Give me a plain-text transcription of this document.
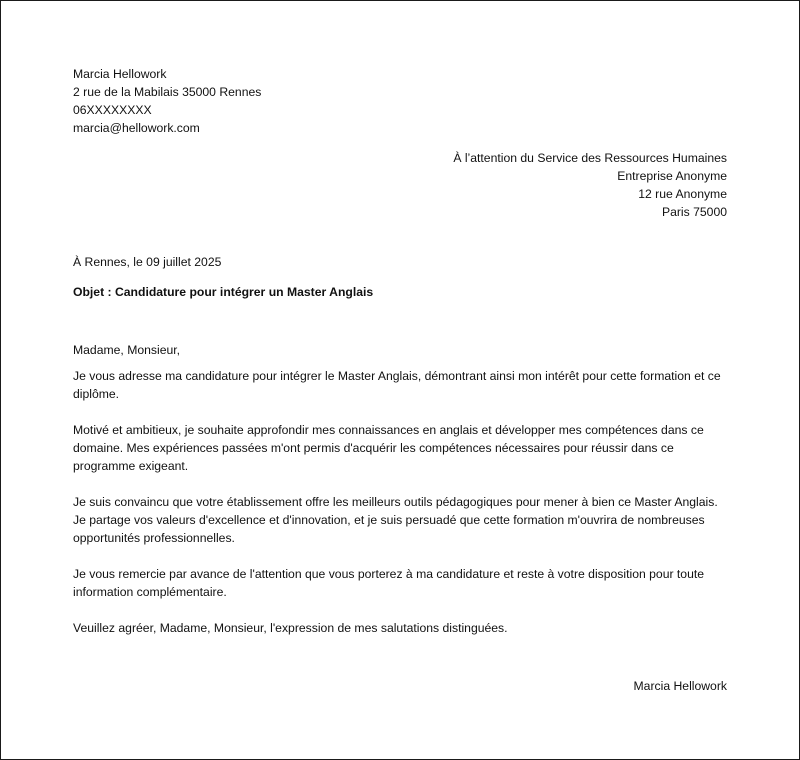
Marcia Hellowork
2 rue de la Mabilais 35000 Rennes
06XXXXXXXX
marcia@hellowork.com
À l’attention du Service des Ressources Humaines
Entreprise Anonyme
12 rue Anonyme
Paris 75000
À Rennes, le 09 juillet 2025
Objet : Candidature pour intégrer un Master Anglais

Madame, Monsieur,

Je vous adresse ma candidature pour intégrer le Master Anglais, démontrant ainsi mon intérêt pour cette formation et ce diplôme.

Motivé et ambitieux, je souhaite approfondir mes connaissances en anglais et développer mes compétences dans ce domaine. Mes expériences passées m'ont permis d'acquérir les compétences nécessaires pour réussir dans ce programme exigeant.

Je suis convaincu que votre établissement offre les meilleurs outils pédagogiques pour mener à bien ce Master Anglais. Je partage vos valeurs d'excellence et d'innovation, et je suis persuadé que cette formation m'ouvrira de nombreuses opportunités professionnelles.

Je vous remercie par avance de l'attention que vous porterez à ma candidature et reste à votre disposition pour toute information complémentaire.

Veuillez agréer, Madame, Monsieur, l'expression de mes salutations distinguées.

Marcia Hellowork
